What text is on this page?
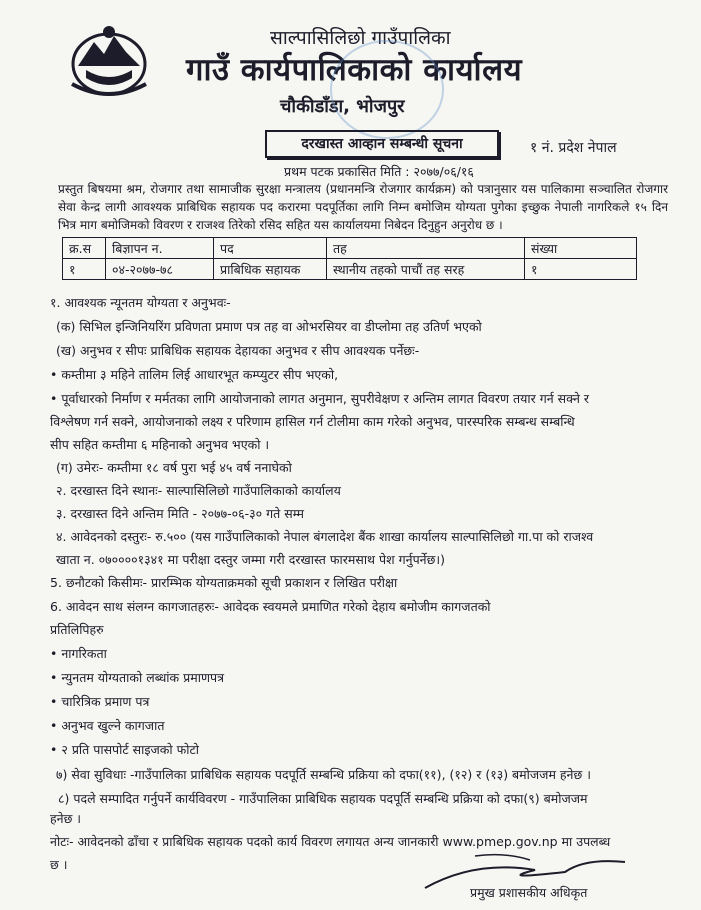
साल्पासिलिछो गाउँपालिका
गाउँ कार्यपालिकाको कार्यालय
चौकीडाँडा, भोजपुर
दरखास्त आव्हान सम्बन्धी सूचना	१ नं. प्रदेश नेपाल
प्रथम पटक प्रकासित मिति : २०७७/०६/१६
प्रस्तुत बिषयमा श्रम, रोजगार तथा सामाजीक सुरक्षा मन्त्रालय (प्रधानमन्त्रि रोजगार कार्यक्रम) को पत्रानुसार यस पालिकामा सञ्चालित रोजगार सेवा केन्द्र लागी आवश्यक प्राबिधिक सहायक पद करारमा पदपूर्तिका लागि निम्न बमोजिम योग्यता पुगेका इच्छुक नेपाली नागरिकले १५ दिन भित्र माग बमोजिमको विवरण र राजश्व तिरेको रसिद सहित यस कार्यालयमा निबेदन दिनुहुन अनुरोध छ ।
क्र.स	बिज्ञापन न.	पद	तह	संख्या
१	०४-२०७७-७८	प्राबिधिक सहायक	स्थानीय तहको पाचौं तह सरह	१
१. आवश्यक न्यूनतम योग्यता र अनुभवः-
(क) सिभिल इन्जिनियरिंग प्रविणता प्रमाण पत्र तह वा ओभरसियर वा डीप्लोमा तह उतिर्ण भएको
(ख) अनुभव र सीपः प्राबिधिक सहायक देहायका अनुभव र सीप आवश्यक पर्नेछः-
• कम्तीमा ३ महिने तालिम लिई आधारभूत कम्प्युटर सीप भएको,
• पूर्वाधारको निर्माण र मर्मतका लागि आयोजनाको लागत अनुमान, सुपरीवेक्षण र अन्तिम लागत विवरण तयार गर्न सक्ने र
विश्लेषण गर्न सक्ने, आयोजनाको लक्ष्य र परिणाम हासिल गर्न टोलीमा काम गरेको अनुभव, पारस्परिक सम्बन्ध सम्बन्धि
सीप सहित कम्तीमा ६ महिनाको अनुभव भएको ।
(ग) उमेरः- कम्तीमा १८ वर्ष पुरा भई ४५ वर्ष ननाघेको
२. दरखास्त दिने स्थानः- साल्पासिलिछो गाउँपालिकाको कार्यालय
३. दरखास्त दिने अन्तिम मिति - २०७७-०६-३० गते सम्म
४. आवेदनको दस्तुरः- रु.५०० (यस गाउँपालिकाको नेपाल बंगलादेश बैंक शाखा कार्यालय साल्पासिलिछो गा.पा को राजश्व
खाता न. ०७००००१३४१ मा परीक्षा दस्तुर जम्मा गरी दरखास्त फारमसाथ पेश गर्नुपर्नेछ।)
5. छनौटको किसीमः- प्रारम्भिक योग्यताक्रमको सूची प्रकाशन र लिखित परीक्षा
6. आवेदन साथ संलग्न कागजातहरुः- आवेदक स्वयमले प्रमाणित गरेको देहाय बमोजीम कागजतको
प्रतिलिपिहरु
• नागरिकता
• न्युनतम योग्यताको लब्धांक प्रमाणपत्र
• चारित्रिक प्रमाण पत्र
• अनुभव खुल्ने कागजात
• २ प्रति पासपोर्ट साइजको फोटो
७) सेवा सुविधाः -गाउँपालिका प्राबिधिक सहायक पदपूर्ति सम्बन्धि प्रक्रिया को दफा(११), (१२) र (१३) बमोजजम हनेछ ।
८) पदले सम्पादित गर्नुपर्ने कार्यविवरण - गाउँपालिका प्राबिधिक सहायक पदपूर्ति सम्बन्धि प्रक्रिया को दफा(९) बमोजजम
हनेछ ।
नोटः- आवेदनको ढाँचा र प्राबिधिक सहायक पदको कार्य विवरण लगायत अन्य जानकारी www.pmep.gov.np मा उपलब्ध
छ ।
प्रमुख प्रशासकीय अधिकृत
